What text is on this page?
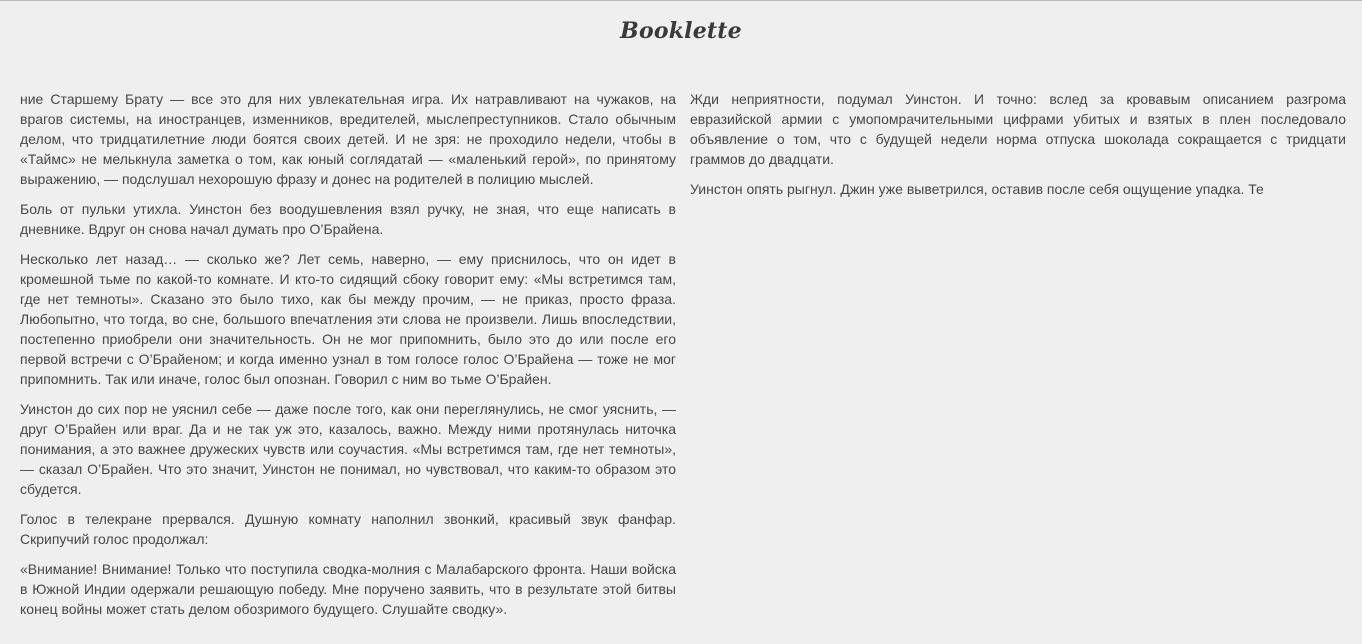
Booklette

ние Старшему Брату — все это для них увлекательная игра. Их натравливают на чужаков, на врагов системы, на иностранцев, изменников, вредителей, мыслепреступников. Стало обычным делом, что тридцатилетние люди боятся своих детей. И не зря: не проходило недели, чтобы в «Таймс» не мелькнула заметка о том, как юный соглядатай — «маленький герой», по принятому выражению, — подслушал нехорошую фразу и донес на родителей в полицию мыслей.

Боль от пульки утихла. Уинстон без воодушевления взял ручку, не зная, что еще написать в дневнике. Вдруг он снова начал думать про О’Брайена.

Несколько лет назад… — сколько же? Лет семь, наверно, — ему приснилось, что он идет в кромешной тьме по какой-то комнате. И кто-то сидящий сбоку говорит ему: «Мы встретимся там, где нет темноты». Сказано это было тихо, как бы между прочим, — не приказ, просто фраза. Любопытно, что тогда, во сне, большого впечатления эти слова не произвели. Лишь впоследствии, постепенно приобрели они значительность. Он не мог припомнить, было это до или после его первой встречи с О’Брайеном; и когда именно узнал в том голосе голос О’Брайена — тоже не мог припомнить. Так или иначе, голос был опознан. Говорил с ним во тьме О’Брайен.

Уинстон до сих пор не уяснил себе — даже после того, как они переглянулись, не смог уяснить, — друг О’Брайен или враг. Да и не так уж это, казалось, важно. Между ними протянулась ниточка понимания, а это важнее дружеских чувств или соучастия. «Мы встретимся там, где нет темноты», — сказал О’Брайен. Что это значит, Уинстон не понимал, но чувствовал, что каким-то образом это сбудется.

Голос в телекране прервался. Душную комнату наполнил звонкий, красивый звук фанфар. Скрипучий голос продолжал:

«Внимание! Внимание! Только что поступила сводка-молния с Малабарского фронта. Наши войска в Южной Индии одержали решающую победу. Мне поручено заявить, что в результате этой битвы конец войны может стать делом обозримого будущего. Слушайте сводку».

Жди неприятности, подумал Уинстон. И точно: вслед за кровавым описанием разгрома евразийской армии с умопомрачительными цифрами убитых и взятых в плен последовало объявление о том, что с будущей недели норма отпуска шоколада сокращается с тридцати граммов до двадцати.

Уинстон опять рыгнул. Джин уже выветрился, оставив после себя ощущение упадка. Те
